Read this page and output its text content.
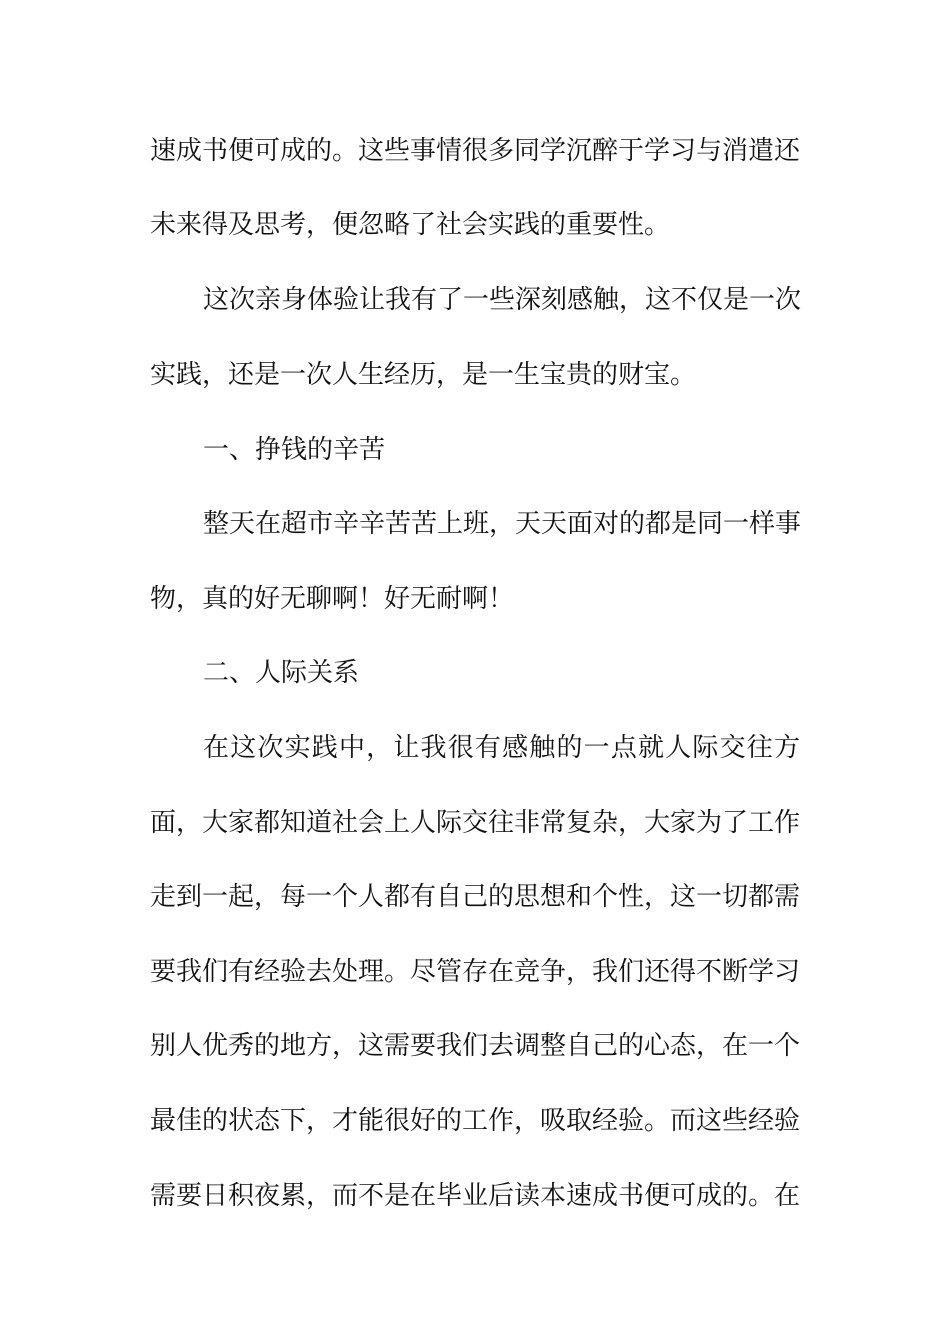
速成书便可成的。这些事情很多同学沉醉于学习与消遣还
未来得及思考，便忽略了社会实践的重要性。
这次亲身体验让我有了一些深刻感触，这不仅是一次
实践，还是一次人生经历，是一生宝贵的财宝。
一、挣钱的辛苦
整天在超市辛辛苦苦上班，天天面对的都是同一样事
物，真的好无聊啊！好无耐啊！
二、人际关系
在这次实践中，让我很有感触的一点就人际交往方
面，大家都知道社会上人际交往非常复杂，大家为了工作
走到一起，每一个人都有自己的思想和个性，这一切都需
要我们有经验去处理。尽管存在竞争，我们还得不断学习
别人优秀的地方，这需要我们去调整自己的心态，在一个
最佳的状态下，才能很好的工作，吸取经验。而这些经验
需要日积夜累，而不是在毕业后读本速成书便可成的。在
